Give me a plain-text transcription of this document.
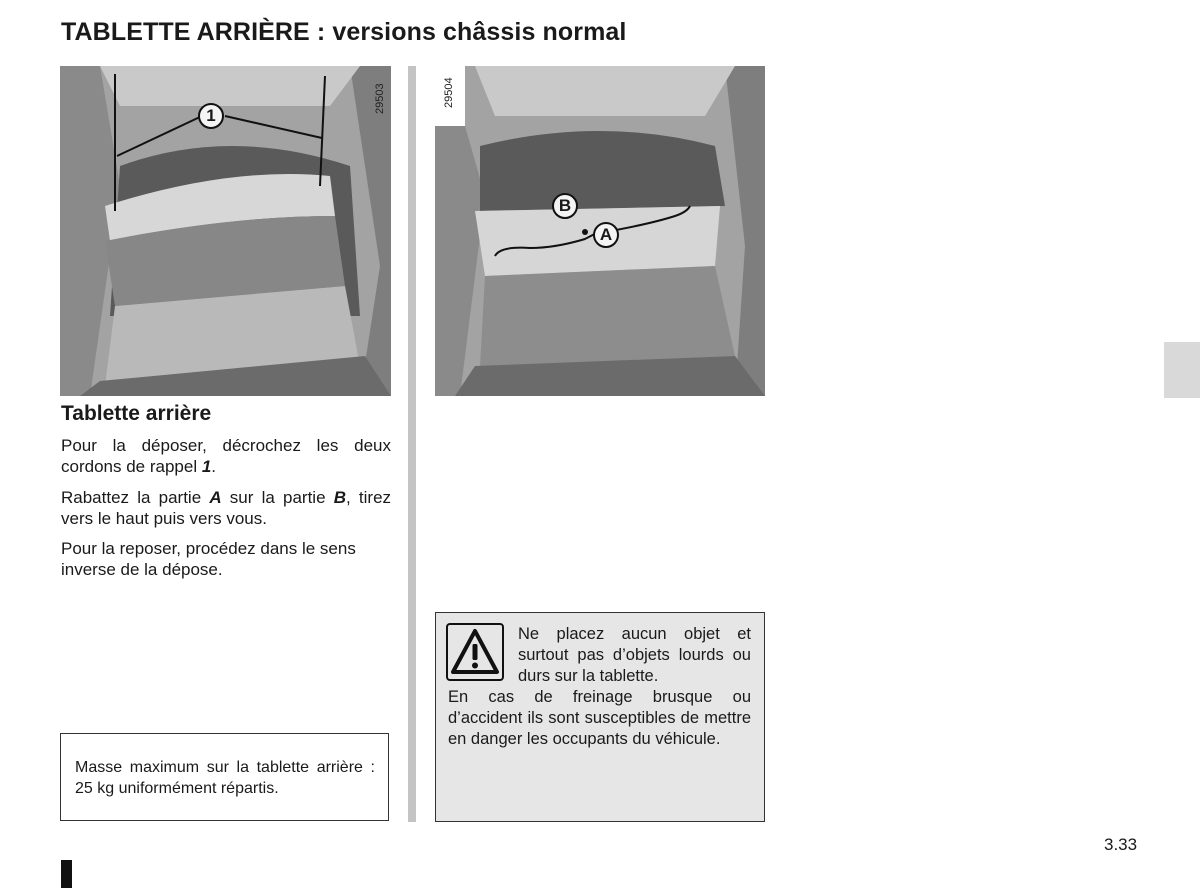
TABLETTE ARRIÈRE : versions châssis normal
29503
1
29504
B
A
Tablette arrière

Pour la déposer, décrochez les deux cordons de rappel 1.

Rabattez la partie A sur la partie B, tirez vers le haut puis vers vous.

Pour la reposer, procédez dans le sens inverse de la dépose.

Masse maximum sur la tablette arrière : 25 kg uniformément répartis.
Ne placez aucun objet et surtout pas d’objets lourds ou durs sur la tablette.
En cas de freinage brusque ou d’accident ils sont susceptibles de mettre en danger les occupants du véhicule.
3.33
